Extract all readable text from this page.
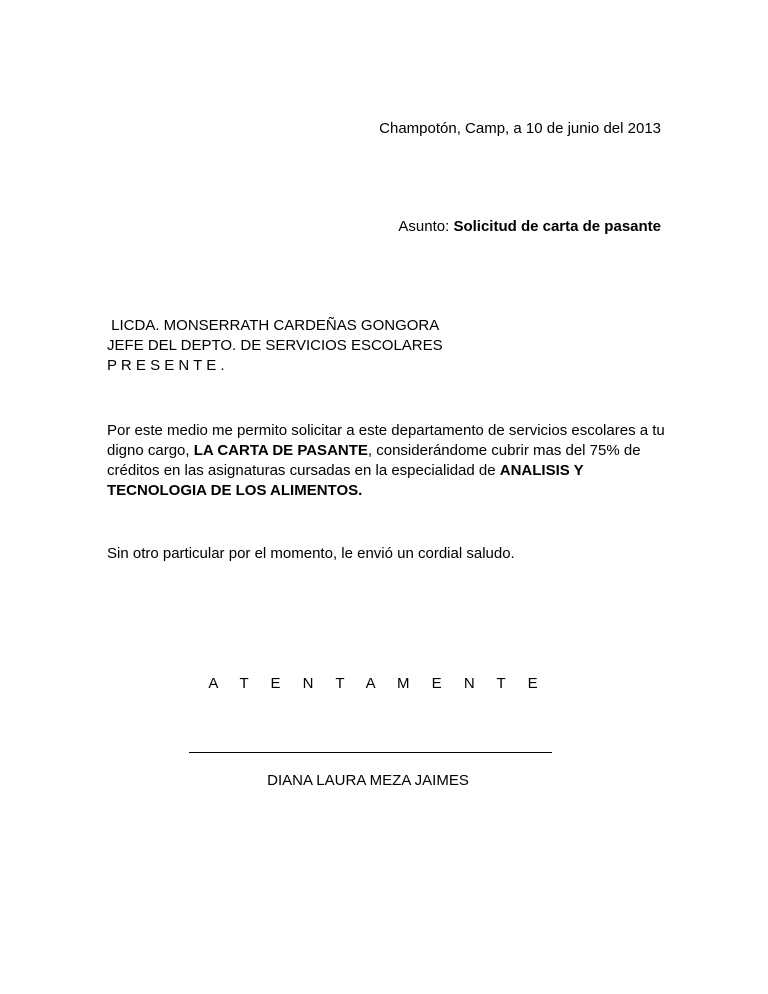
Champotón, Camp, a 10 de junio del 2013
Asunto: Solicitud de carta de pasante
LICDA. MONSERRATH CARDEÑAS GONGORA
JEFE DEL DEPTO. DE SERVICIOS ESCOLARES
P R E S E N T E .
Por este medio me permito solicitar a este departamento de servicios escolares a tu digno cargo, LA CARTA DE PASANTE, considerándome cubrir mas del 75% de créditos en las asignaturas cursadas en la especialidad de ANALISIS Y TECNOLOGIA DE LOS ALIMENTOS.
Sin otro particular por el momento, le envió un cordial saludo.
A T E N T A M E N T E
DIANA LAURA MEZA JAIMES
